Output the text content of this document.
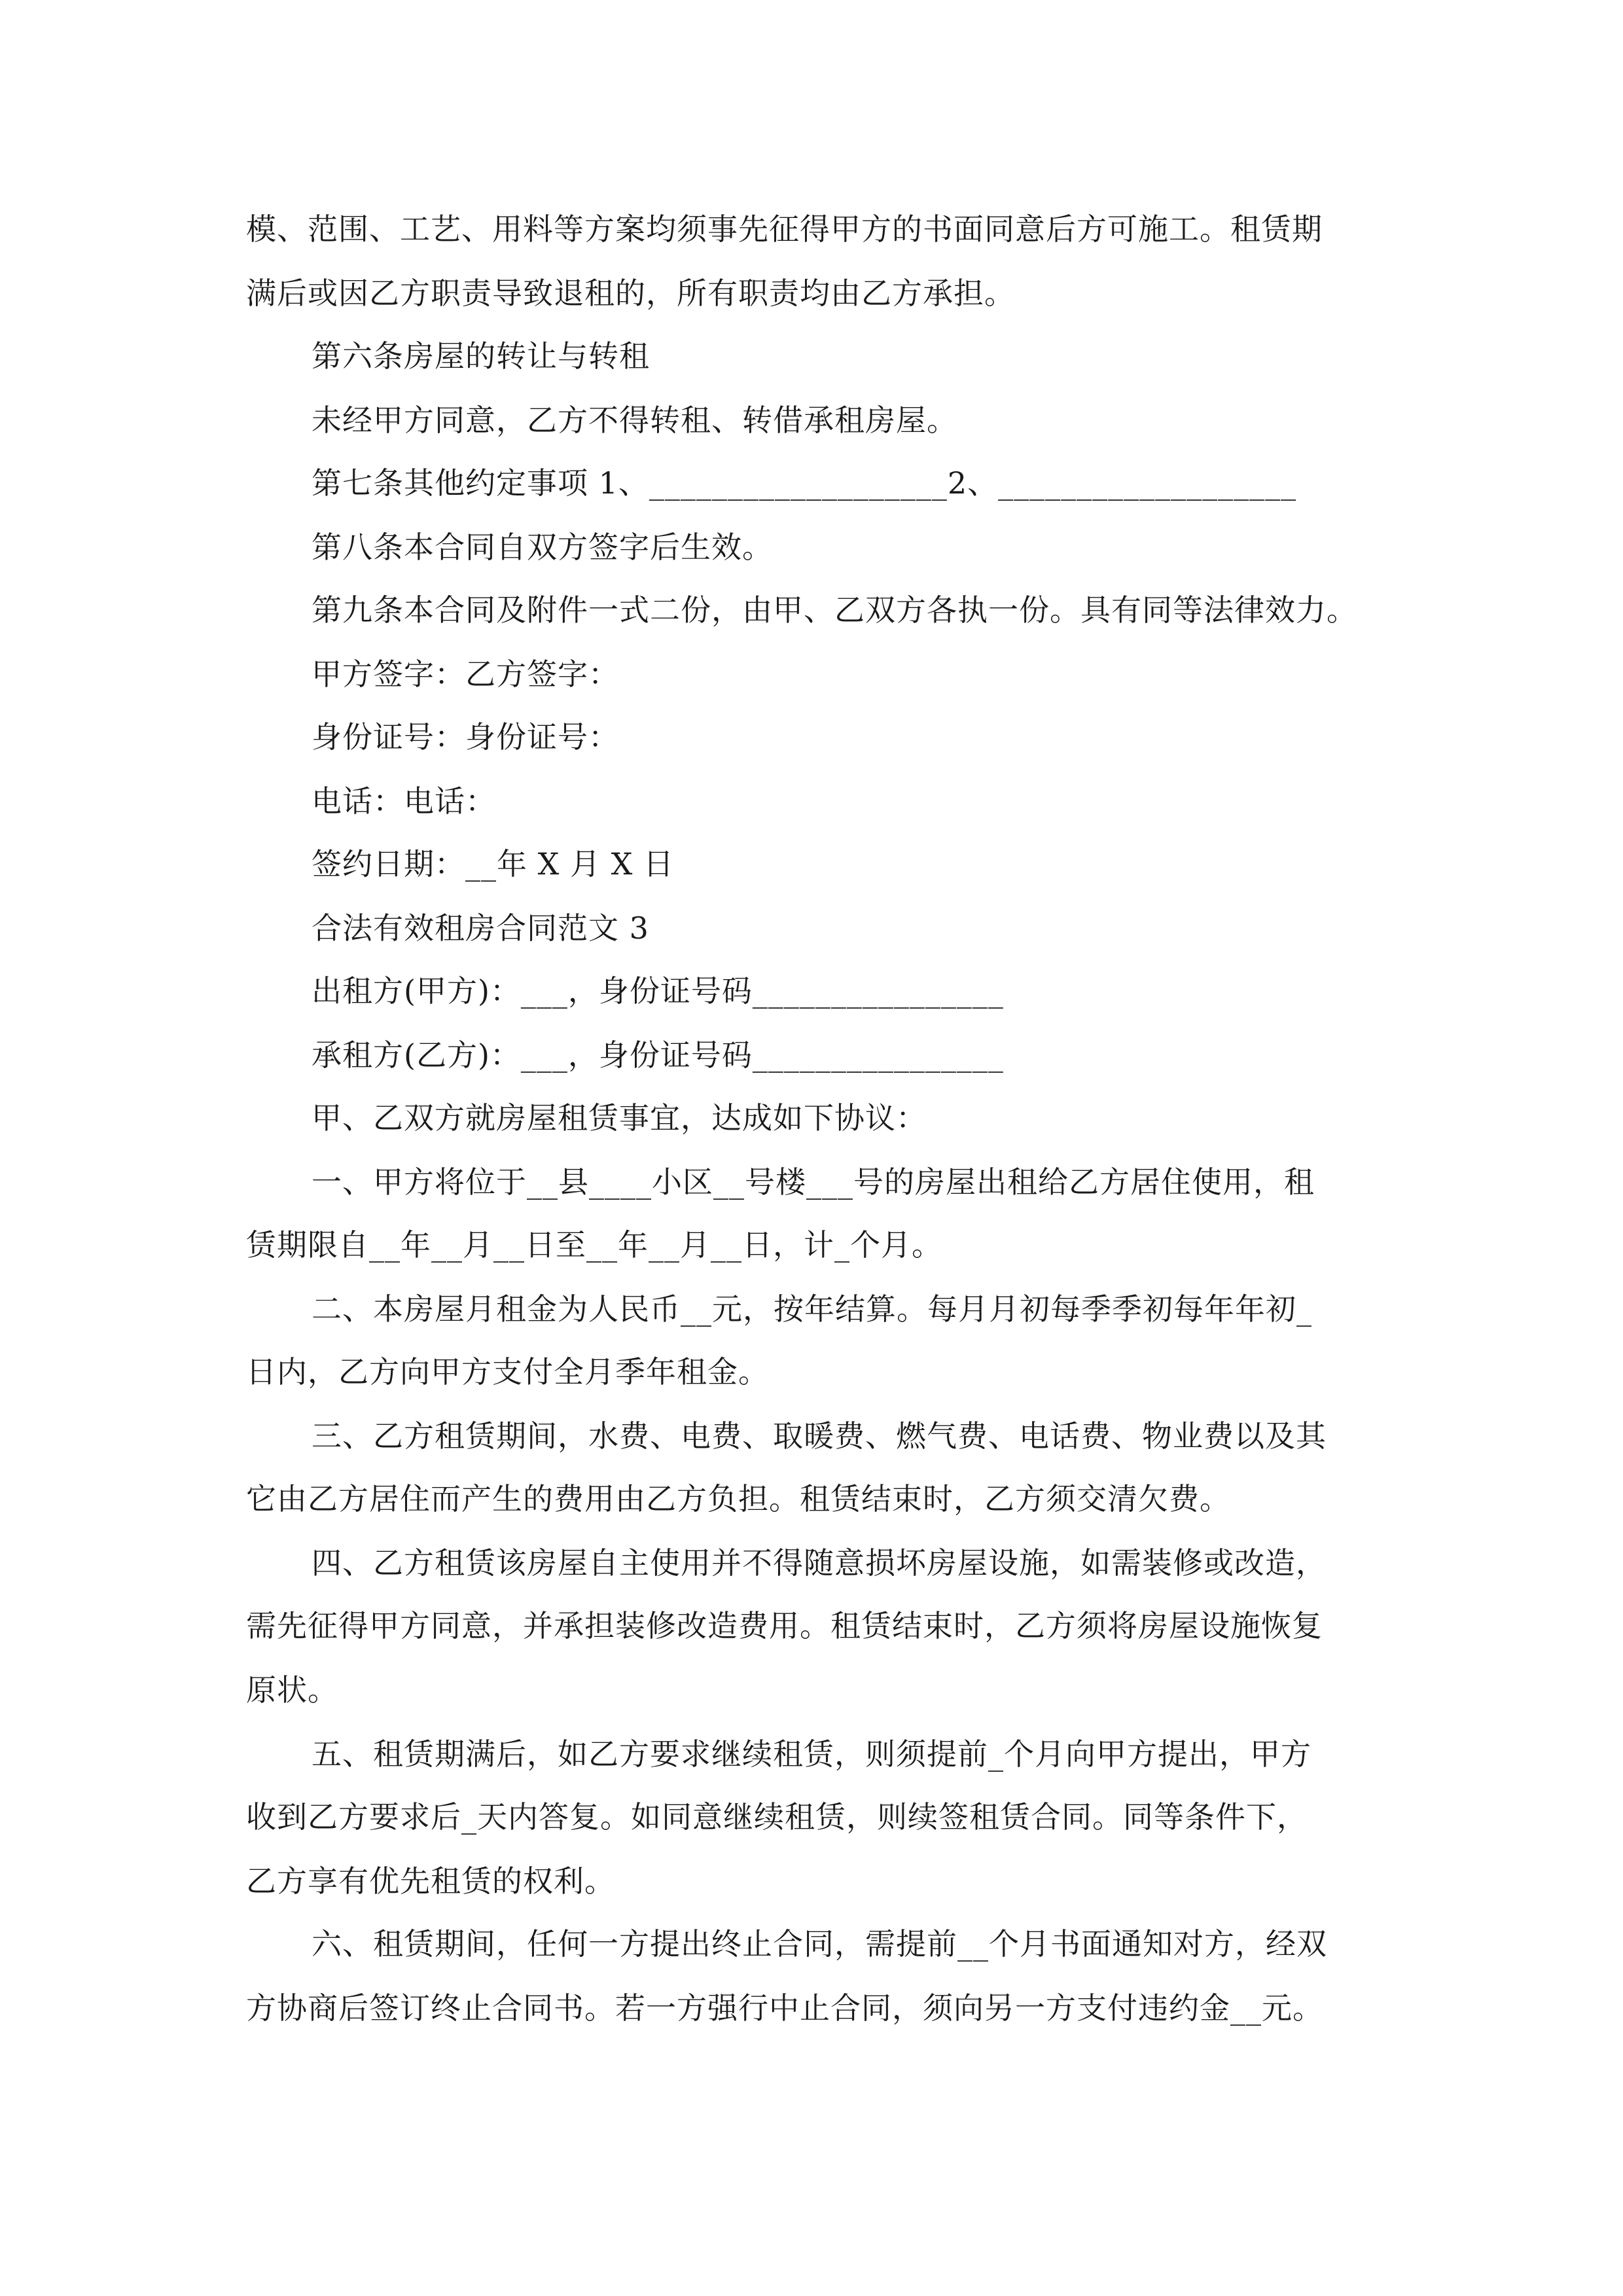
模、范围、工艺、用料等方案均须事先征得甲方的书面同意后方可施工。租赁期
满后或因乙方职责导致退租的，所有职责均由乙方承担。
第六条房屋的转让与转租
未经甲方同意，乙方不得转租、转借承租房屋。
第七条其他约定事项 1、___________________2、___________________
第八条本合同自双方签字后生效。
第九条本合同及附件一式二份，由甲、乙双方各执一份。具有同等法律效力。
甲方签字：乙方签字：
身份证号：身份证号：
电话：电话：
签约日期：__年 X 月 X 日
合法有效租房合同范文 3
出租方(甲方)：___，身份证号码________________
承租方(乙方)：___，身份证号码________________
甲、乙双方就房屋租赁事宜，达成如下协议：
一、甲方将位于__县____小区__号楼___号的房屋出租给乙方居住使用，租
赁期限自__年__月__日至__年__月__日，计_个月。
二、本房屋月租金为人民币__元，按年结算。每月月初每季季初每年年初_
日内，乙方向甲方支付全月季年租金。
三、乙方租赁期间，水费、电费、取暖费、燃气费、电话费、物业费以及其
它由乙方居住而产生的费用由乙方负担。租赁结束时，乙方须交清欠费。
四、乙方租赁该房屋自主使用并不得随意损坏房屋设施，如需装修或改造，
需先征得甲方同意，并承担装修改造费用。租赁结束时，乙方须将房屋设施恢复
原状。
五、租赁期满后，如乙方要求继续租赁，则须提前_个月向甲方提出，甲方
收到乙方要求后_天内答复。如同意继续租赁，则续签租赁合同。同等条件下，
乙方享有优先租赁的权利。
六、租赁期间，任何一方提出终止合同，需提前__个月书面通知对方，经双
方协商后签订终止合同书。若一方强行中止合同，须向另一方支付违约金__元。
